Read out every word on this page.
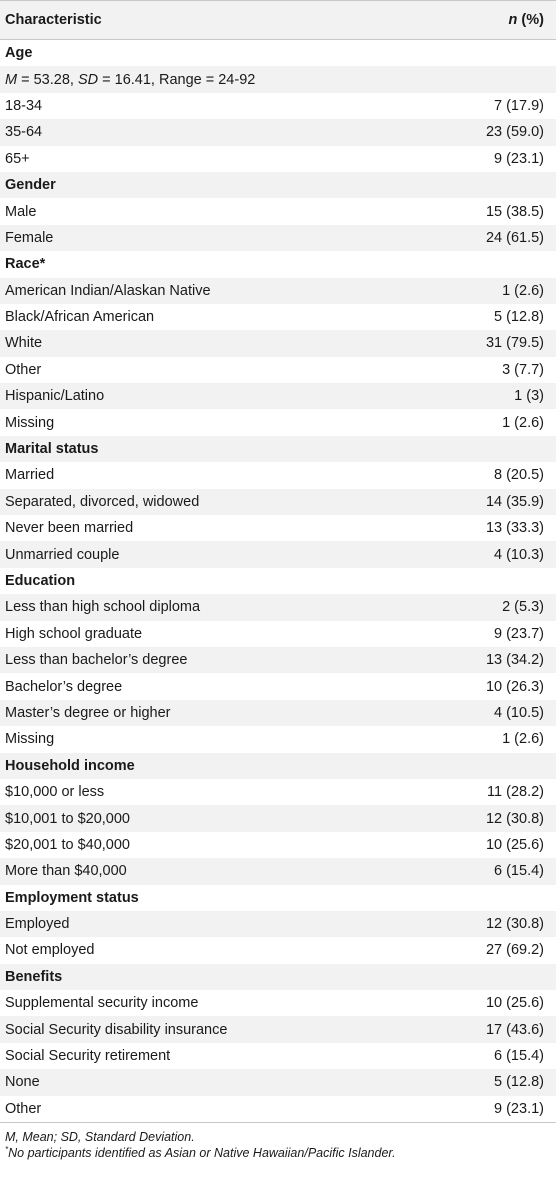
Characteristic	n (%)
Age
M = 53.28, SD = 16.41, Range = 24-92
18-34	7 (17.9)
35-64	23 (59.0)
65+	9 (23.1)
Gender
Male	15 (38.5)
Female	24 (61.5)
Race*
American Indian/Alaskan Native	1 (2.6)
Black/African American	5 (12.8)
White	31 (79.5)
Other	3 (7.7)
Hispanic/Latino	1 (3)
Missing	1 (2.6)
Marital status
Married	8 (20.5)
Separated, divorced, widowed	14 (35.9)
Never been married	13 (33.3)
Unmarried couple	4 (10.3)
Education
Less than high school diploma	2 (5.3)
High school graduate	9 (23.7)
Less than bachelor’s degree	13 (34.2)
Bachelor’s degree	10 (26.3)
Master’s degree or higher	4 (10.5)
Missing	1 (2.6)
Household income
$10,000 or less	11 (28.2)
$10,001 to $20,000	12 (30.8)
$20,001 to $40,000	10 (25.6)
More than $40,000	6 (15.4)
Employment status
Employed	12 (30.8)
Not employed	27 (69.2)
Benefits
Supplemental security income	10 (25.6)
Social Security disability insurance	17 (43.6)
Social Security retirement	6 (15.4)
None	5 (12.8)
Other	9 (23.1)
M, Mean; SD, Standard Deviation.
*No participants identified as Asian or Native Hawaiian/Pacific Islander.
